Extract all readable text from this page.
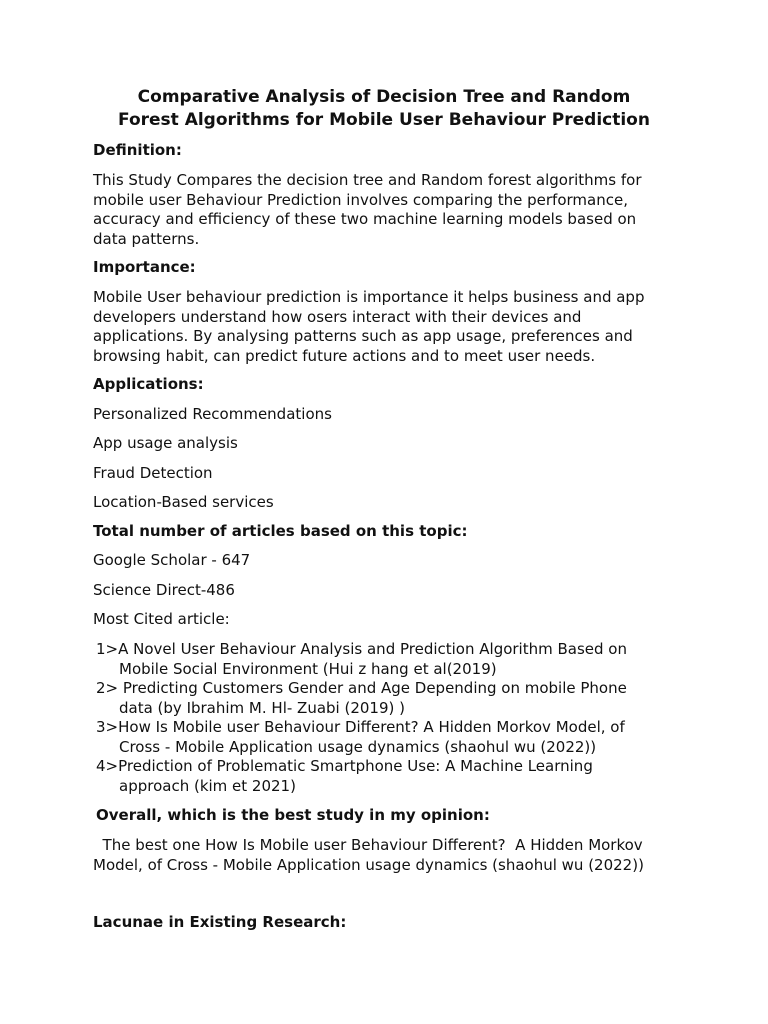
Comparative Analysis of Decision Tree and Random
Forest Algorithms for Mobile User Behaviour Prediction
Definition:
This Study Compares the decision tree and Random forest algorithms for
mobile user Behaviour Prediction involves comparing the performance,
accuracy and efficiency of these two machine learning models based on
data patterns.
Importance:
Mobile User behaviour prediction is importance it helps business and app
developers understand how osers interact with their devices and
applications. By analysing patterns such as app usage, preferences and
browsing habit, can predict future actions and to meet user needs.
Applications:
Personalized Recommendations
App usage analysis
Fraud Detection
Location-Based services
Total number of articles based on this topic:
Google Scholar - 647
Science Direct-486
Most Cited article:
1>A Novel User Behaviour Analysis and Prediction Algorithm Based on
Mobile Social Environment (Hui z hang et al(2019)
2> Predicting Customers Gender and Age Depending on mobile Phone
data (by Ibrahim M. Hl- Zuabi (2019) )
3>How Is Mobile user Behaviour Different? A Hidden Morkov Model, of
Cross - Mobile Application usage dynamics (shaohul wu (2022))
4>Prediction of Problematic Smartphone Use: A Machine Learning
approach (kim et 2021)
Overall, which is the best study in my opinion:
The best one How Is Mobile user Behaviour Different?  A Hidden Morkov
Model, of Cross - Mobile Application usage dynamics (shaohul wu (2022))
Lacunae in Existing Research:
